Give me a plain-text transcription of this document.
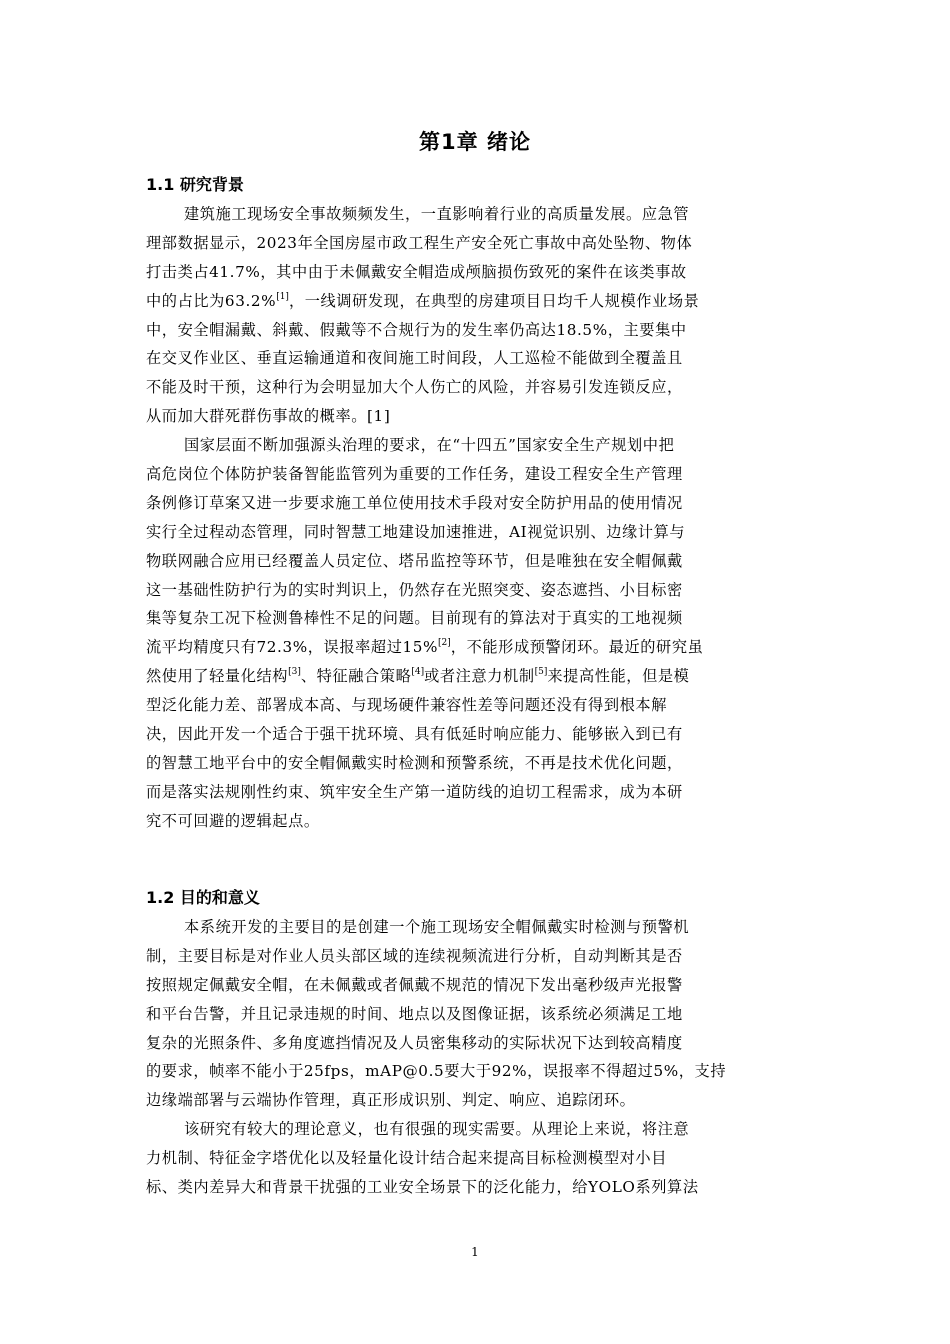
第1章 绪论
1.1 研究背景
建筑施工现场安全事故频频发生，一直影响着行业的高质量发展。应急管
理部数据显示，2023年全国房屋市政工程生产安全死亡事故中高处坠物、物体
打击类占41.7%，其中由于未佩戴安全帽造成颅脑损伤致死的案件在该类事故
中的占比为63.2%[1]，一线调研发现，在典型的房建项目日均千人规模作业场景
中，安全帽漏戴、斜戴、假戴等不合规行为的发生率仍高达18.5%，主要集中
在交叉作业区、垂直运输通道和夜间施工时间段，人工巡检不能做到全覆盖且
不能及时干预，这种行为会明显加大个人伤亡的风险，并容易引发连锁反应，
从而加大群死群伤事故的概率。[1]
国家层面不断加强源头治理的要求，在“十四五”国家安全生产规划中把
高危岗位个体防护装备智能监管列为重要的工作任务，建设工程安全生产管理
条例修订草案又进一步要求施工单位使用技术手段对安全防护用品的使用情况
实行全过程动态管理，同时智慧工地建设加速推进，AI视觉识别、边缘计算与
物联网融合应用已经覆盖人员定位、塔吊监控等环节，但是唯独在安全帽佩戴
这一基础性防护行为的实时判识上，仍然存在光照突变、姿态遮挡、小目标密
集等复杂工况下检测鲁棒性不足的问题。目前现有的算法对于真实的工地视频
流平均精度只有72.3%，误报率超过15%[2]，不能形成预警闭环。最近的研究虽
然使用了轻量化结构[3]、特征融合策略[4]或者注意力机制[5]来提高性能，但是模
型泛化能力差、部署成本高、与现场硬件兼容性差等问题还没有得到根本解
决，因此开发一个适合于强干扰环境、具有低延时响应能力、能够嵌入到已有
的智慧工地平台中的安全帽佩戴实时检测和预警系统，不再是技术优化问题，
而是落实法规刚性约束、筑牢安全生产第一道防线的迫切工程需求，成为本研
究不可回避的逻辑起点。
1.2 目的和意义
本系统开发的主要目的是创建一个施工现场安全帽佩戴实时检测与预警机
制，主要目标是对作业人员头部区域的连续视频流进行分析，自动判断其是否
按照规定佩戴安全帽，在未佩戴或者佩戴不规范的情况下发出毫秒级声光报警
和平台告警，并且记录违规的时间、地点以及图像证据，该系统必须满足工地
复杂的光照条件、多角度遮挡情况及人员密集移动的实际状况下达到较高精度
的要求，帧率不能小于25fps，mAP@0.5要大于92%，误报率不得超过5%，支持
边缘端部署与云端协作管理，真正形成识别、判定、响应、追踪闭环。
该研究有较大的理论意义，也有很强的现实需要。从理论上来说，将注意
力机制、特征金字塔优化以及轻量化设计结合起来提高目标检测模型对小目
标、类内差异大和背景干扰强的工业安全场景下的泛化能力，给YOLO系列算法
1
